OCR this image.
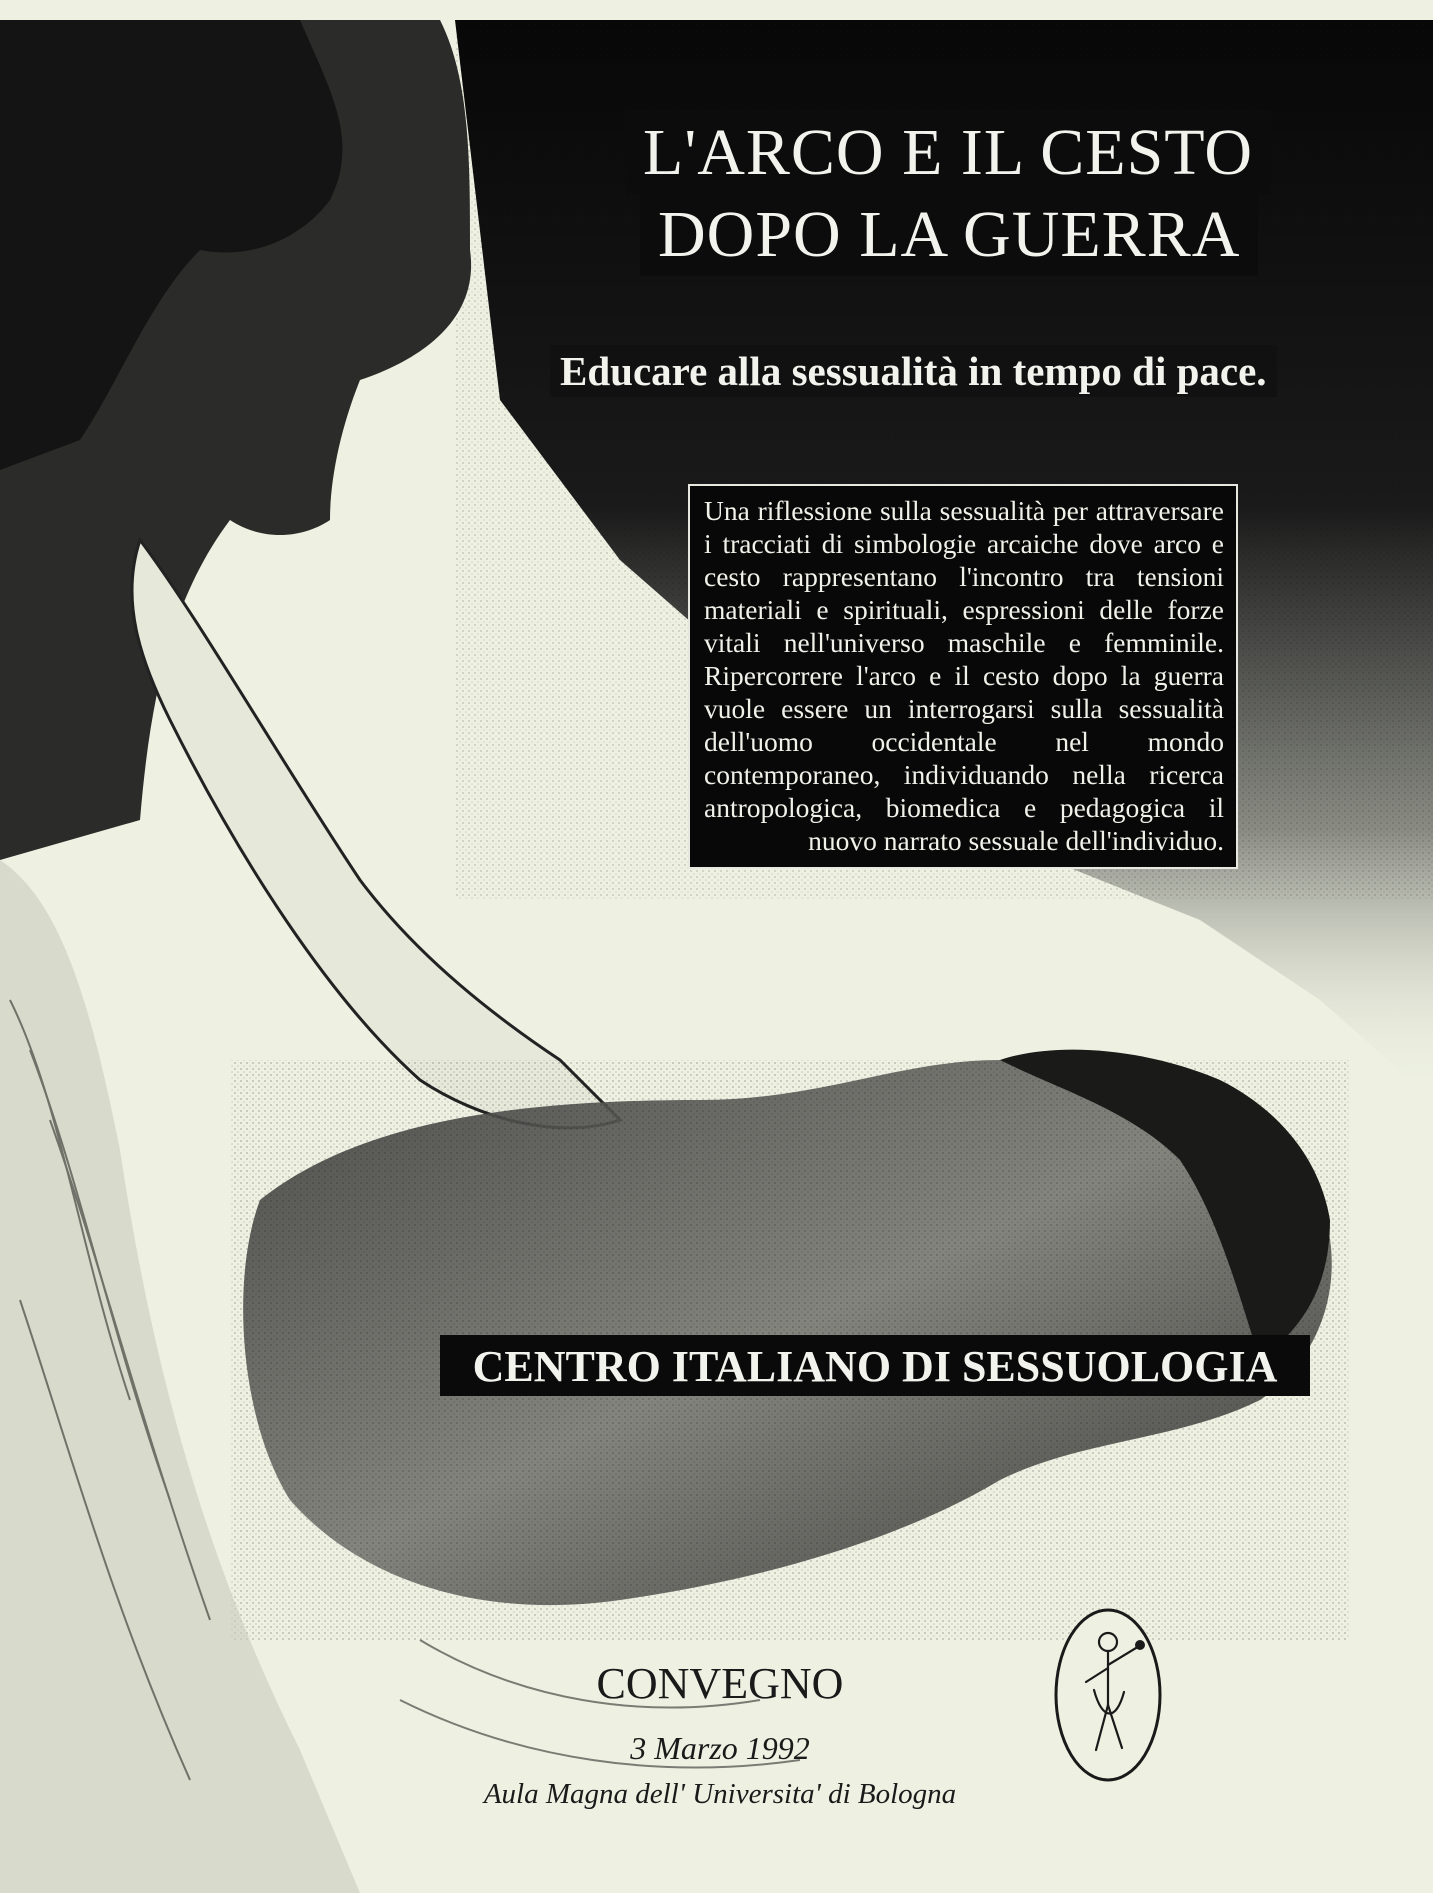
L'ARCO E IL CESTO
DOPO LA GUERRA
Educare alla sessualità in tempo di pace.
Una riflessione sulla sessualità per attraversare i tracciati di simbologie arcaiche dove arco e cesto rappresentano l'incontro tra tensioni materiali e spirituali, espressioni delle forze vitali nell'universo maschile e femminile. Ripercorrere l'arco e il cesto dopo la guerra vuole essere un interrogarsi sulla sessualità dell'uomo occidentale nel mondo contemporaneo, individuando nella ricerca antropologica, biomedica e pedagogica il nuovo narrato sessuale dell'individuo.
CENTRO ITALIANO DI SESSUOLOGIA
CONVEGNO
3 Marzo 1992
Aula Magna dell' Universita' di Bologna
